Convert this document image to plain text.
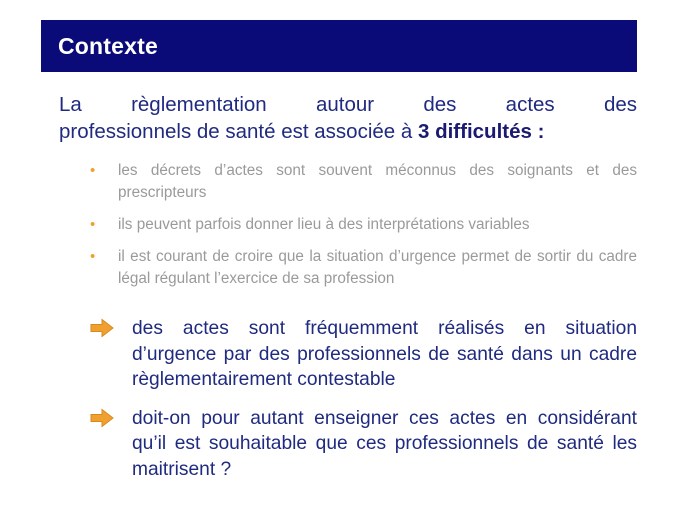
Contexte
La règlementation autour des actes des
professionnels de santé est associée à 3 difficultés :
• les décrets d’actes sont souvent méconnus des soignants et des prescripteurs
• ils peuvent parfois donner lieu à des interprétations variables
• il est courant de croire que la situation d’urgence permet de sortir du cadre légal régulant l’exercice de sa profession
des actes sont fréquemment réalisés en situation d’urgence par des professionnels de santé dans un cadre règlementairement contestable
doit-on pour autant enseigner ces actes en considérant qu’il est souhaitable que ces professionnels de santé les maitrisent ?
